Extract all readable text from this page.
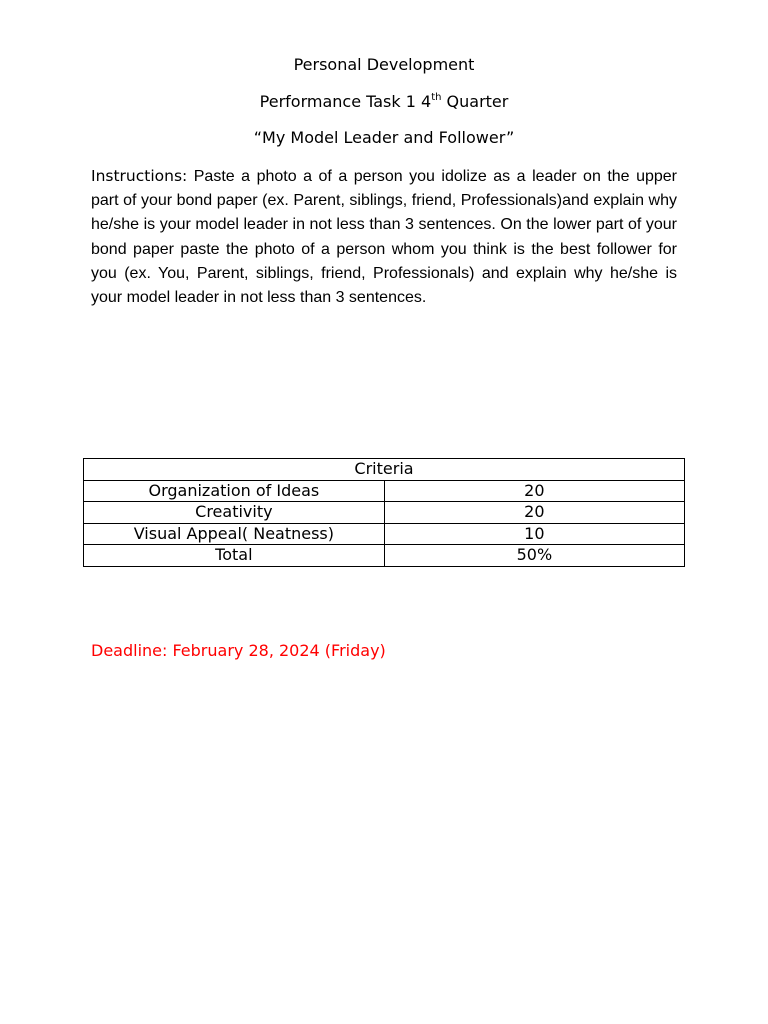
Personal Development
Performance Task 1 4th Quarter
“My Model Leader and Follower”

Instructions: Paste a photo a of a person you idolize as a leader on the upper part of your bond paper (ex. Parent, siblings, friend, Professionals)and explain why he/she is your model leader in not less than 3 sentences. On the lower part of your bond paper paste the photo of a person whom you think is the best follower for you (ex. You, Parent, siblings, friend, Professionals) and explain why he/she is your model leader in not less than 3 sentences.

Criteria	
Organization of Ideas	20
Creativity	20
Visual Appeal( Neatness)	10
Total	50%
Deadline: February 28, 2024 (Friday)
